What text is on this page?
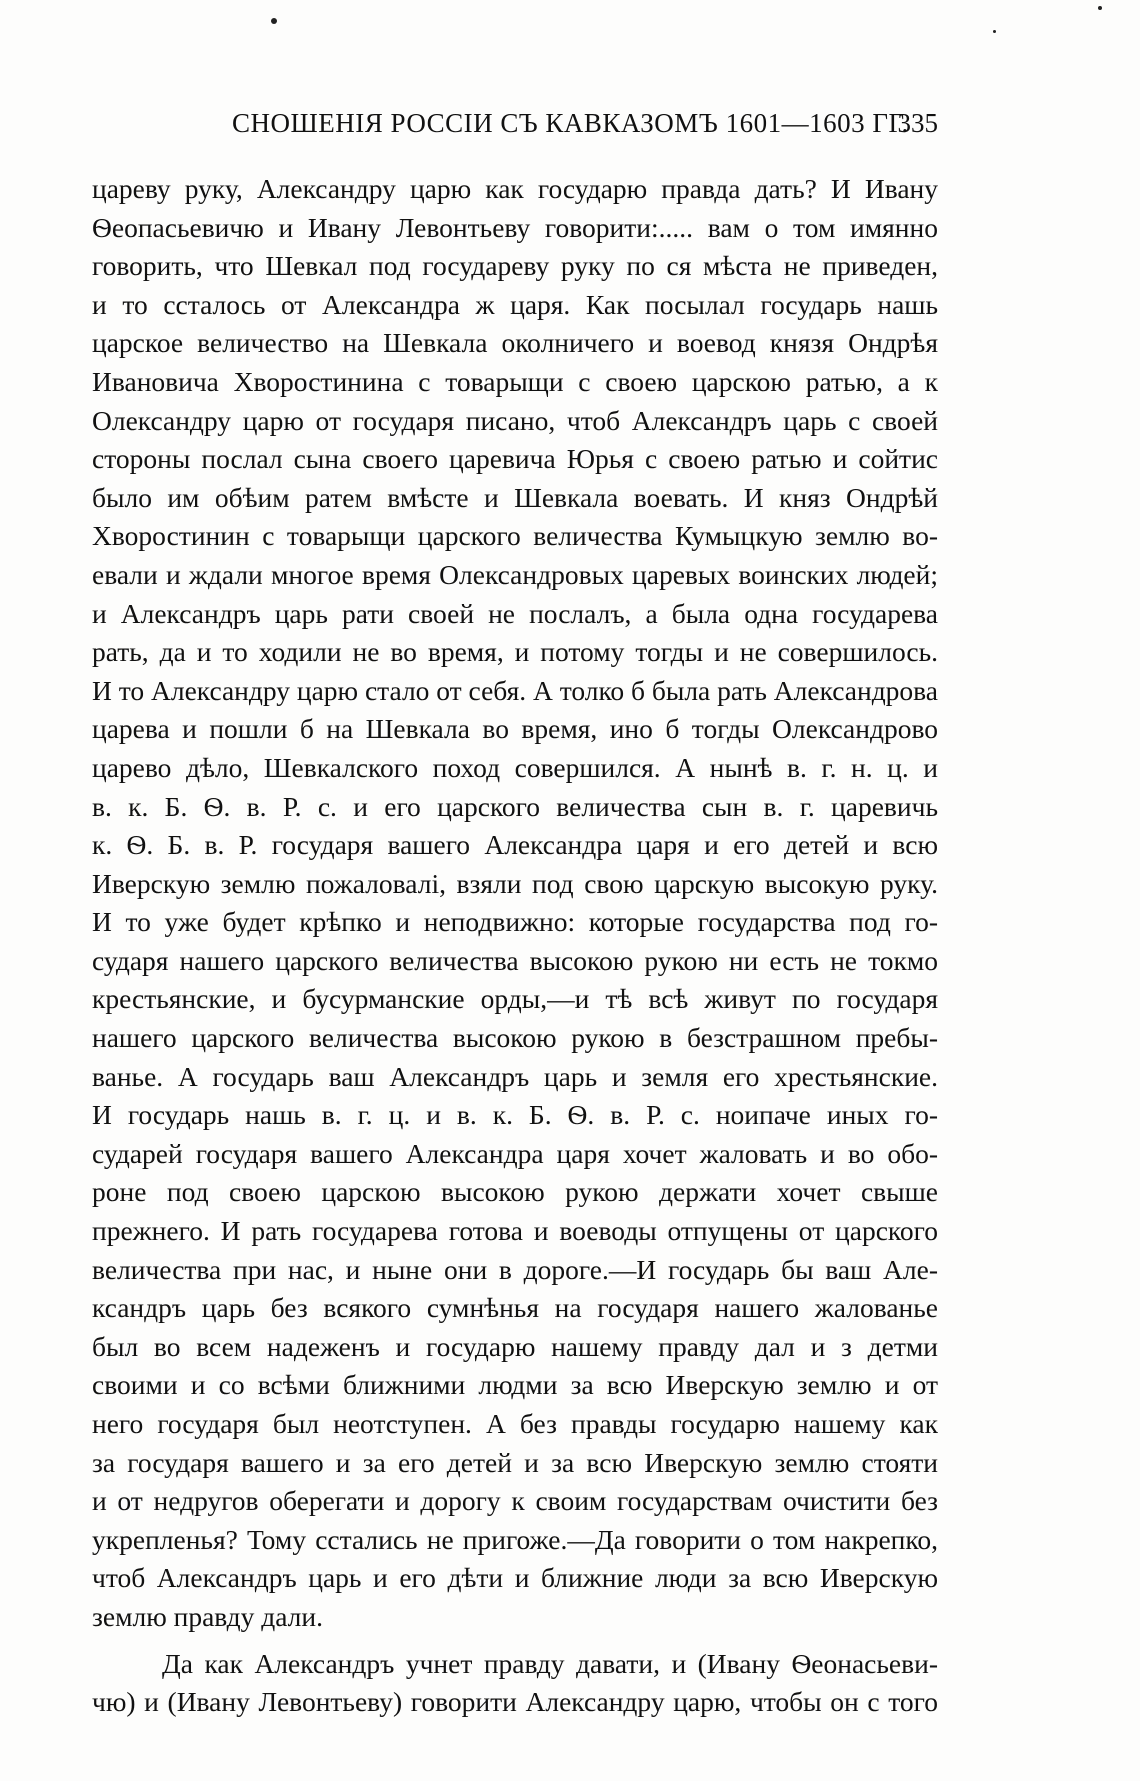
СНОШЕНІЯ РОССІИ СЪ КАВКАЗОМЪ 1601—1603 ГГ.
335
цареву руку, Александру царю как государю правда дать? И Ивану
Ѳеопасьевичю и Ивану Левонтьеву говорити:..... вам о том имянно
говорить, что Шевкал под государеву руку по ся мѣста не приведен,
и то ссталось от Александра ж царя. Как посылал государь нашь
царское величество на Шевкала околничего и воевод князя Ондрѣя
Ивановича Хворостинина с товарыщи с своею царскою ратью, а к
Олександру царю от государя писано, чтоб Александръ царь с своей
стороны послал сына своего царевича Юрья с своею ратью и сойтис
было им обѣим ратем вмѣсте и Шевкала воевать. И княз Ондрѣй
Хворостинин с товарыщи царского величества Кумыцкую землю во-
евали и ждали многое время Олександровых царевых воинских людей;
и Александръ царь рати своей не послалъ, а была одна государева
рать, да и то ходили не во время, и потому тогды и не совершилось.
И то Александру царю стало от себя. А толко б была рать Александрова
царева и пошли б на Шевкала во время, ино б тогды Олександрово
царево дѣло, Шевкалского поход совершился. А нынѣ в. г. н. ц. и
в. к. Б. Ѳ. в. Р. с. и его царского величества сын в. г. царевичь
к. Ѳ. Б. в. Р. государя вашего Александра царя и его детей и всю
Иверскую землю пожаловалі, взяли под свою царскую высокую руку.
И то уже будет крѣпко и неподвижно: которые государства под го-
сударя нашего царского величества высокою рукою ни есть не токмо
крестьянские, и бусурманские орды,—и тѣ всѣ живут по государя
нашего царского величества высокою рукою в безстрашном пребы-
ванье. А государь ваш Александръ царь и земля его хрестьянские.
И государь нашь в. г. ц. и в. к. Б. Ѳ. в. Р. с. ноипаче иных го-
сударей государя вашего Александра царя хочет жаловать и во обо-
роне под своею царскою высокою рукою держати хочет свыше
прежнего. И рать государева готова и воеводы отпущены от царского
величества при нас, и ныне они в дороге.—И государь бы ваш Але-
ксандръ царь без всякого сумнѣнья на государя нашего жалованье
был во всем надеженъ и государю нашему правду дал и з детми
своими и со всѣми ближними людми за всю Иверскую землю и от
него государя был неотступен. А без правды государю нашему как
за государя вашего и за его детей и за всю Иверскую землю стояти
и от недругов оберегати и дорогу к своим государствам очистити без
укрепленья? Тому сстались не пригоже.—Да говорити о том накрепко,
чтоб Александръ царь и его дѣти и ближние люди за всю Иверскую
землю правду дали.
Да как Александръ учнет правду давати, и (Ивану Ѳеонасьеви-
чю) и (Ивану Левонтьеву) говорити Александру царю, чтобы он с того
